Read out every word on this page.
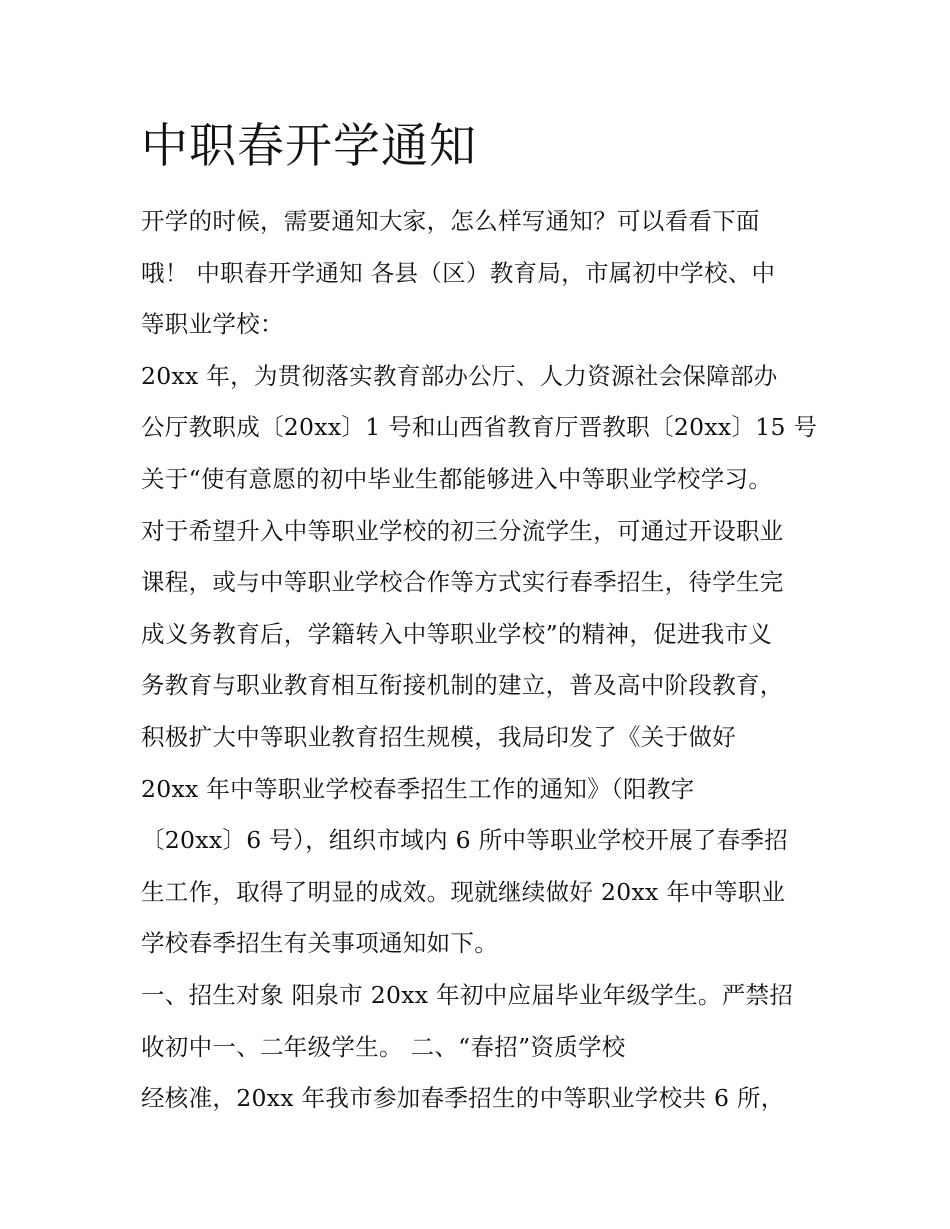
中职春开学通知
开学的时候，需要通知大家，怎么样写通知？可以看看下面
哦！ 中职春开学通知 各县（区）教育局，市属初中学校、中
等职业学校：
20xx 年，为贯彻落实教育部办公厅、人力资源社会保障部办
公厅教职成〔20xx〕1 号和山西省教育厅晋教职〔20xx〕15 号
关于“使有意愿的初中毕业生都能够进入中等职业学校学习。
对于希望升入中等职业学校的初三分流学生，可通过开设职业
课程，或与中等职业学校合作等方式实行春季招生，待学生完
成义务教育后，学籍转入中等职业学校”的精神，促进我市义
务教育与职业教育相互衔接机制的建立，普及高中阶段教育，
积极扩大中等职业教育招生规模，我局印发了《关于做好
20xx 年中等职业学校春季招生工作的通知》（阳教字
〔20xx〕6 号），组织市域内 6 所中等职业学校开展了春季招
生工作，取得了明显的成效。现就继续做好 20xx 年中等职业
学校春季招生有关事项通知如下。
一、招生对象 阳泉市 20xx 年初中应届毕业年级学生。严禁招
收初中一、二年级学生。 二、“春招”资质学校
经核准，20xx 年我市参加春季招生的中等职业学校共 6 所，
